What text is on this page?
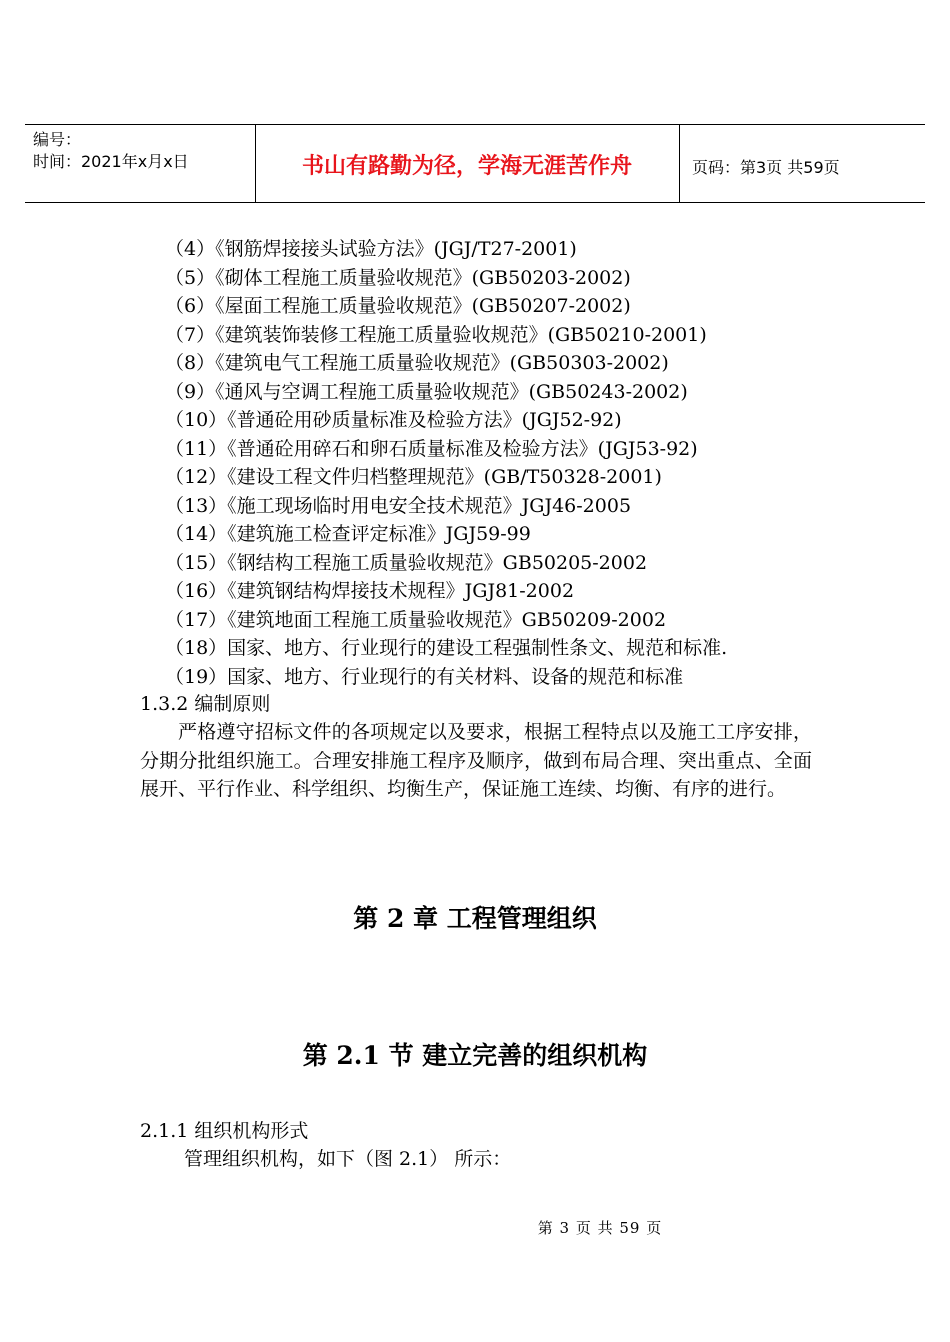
编号：
时间：2021年x月x日	书山有路勤为径，学海无涯苦作舟	页码：第3页 共59页
（4）《钢筋焊接接头试验方法》(JGJ/T27-2001)
（5）《砌体工程施工质量验收规范》(GB50203-2002)
（6）《屋面工程施工质量验收规范》(GB50207-2002)
（7）《建筑装饰装修工程施工质量验收规范》(GB50210-2001)
（8）《建筑电气工程施工质量验收规范》(GB50303-2002)
（9）《通风与空调工程施工质量验收规范》(GB50243-2002)
（10）《普通砼用砂质量标准及检验方法》(JGJ52-92)
（11）《普通砼用碎石和卵石质量标准及检验方法》(JGJ53-92)
（12）《建设工程文件归档整理规范》(GB/T50328-2001)
（13）《施工现场临时用电安全技术规范》JGJ46-2005
（14）《建筑施工检查评定标准》JGJ59-99
（15）《钢结构工程施工质量验收规范》GB50205-2002
（16）《建筑钢结构焊接技术规程》JGJ81-2002
（17）《建筑地面工程施工质量验收规范》GB50209-2002
（18）国家、地方、行业现行的建设工程强制性条文、规范和标准.
（19）国家、地方、行业现行的有关材料、设备的规范和标准
1.3.2 编制原则

严格遵守招标文件的各项规定以及要求，根据工程特点以及施工工序安排，分期分批组织施工。合理安排施工程序及顺序，做到布局合理、突出重点、全面展开、平行作业、科学组织、均衡生产，保证施工连续、均衡、有序的进行。

第 2 章 工程管理组织
第 2.1 节 建立完善的组织机构
2.1.1 组织机构形式
管理组织机构，如下（图 2.1） 所示：
第 3 页 共 59 页
